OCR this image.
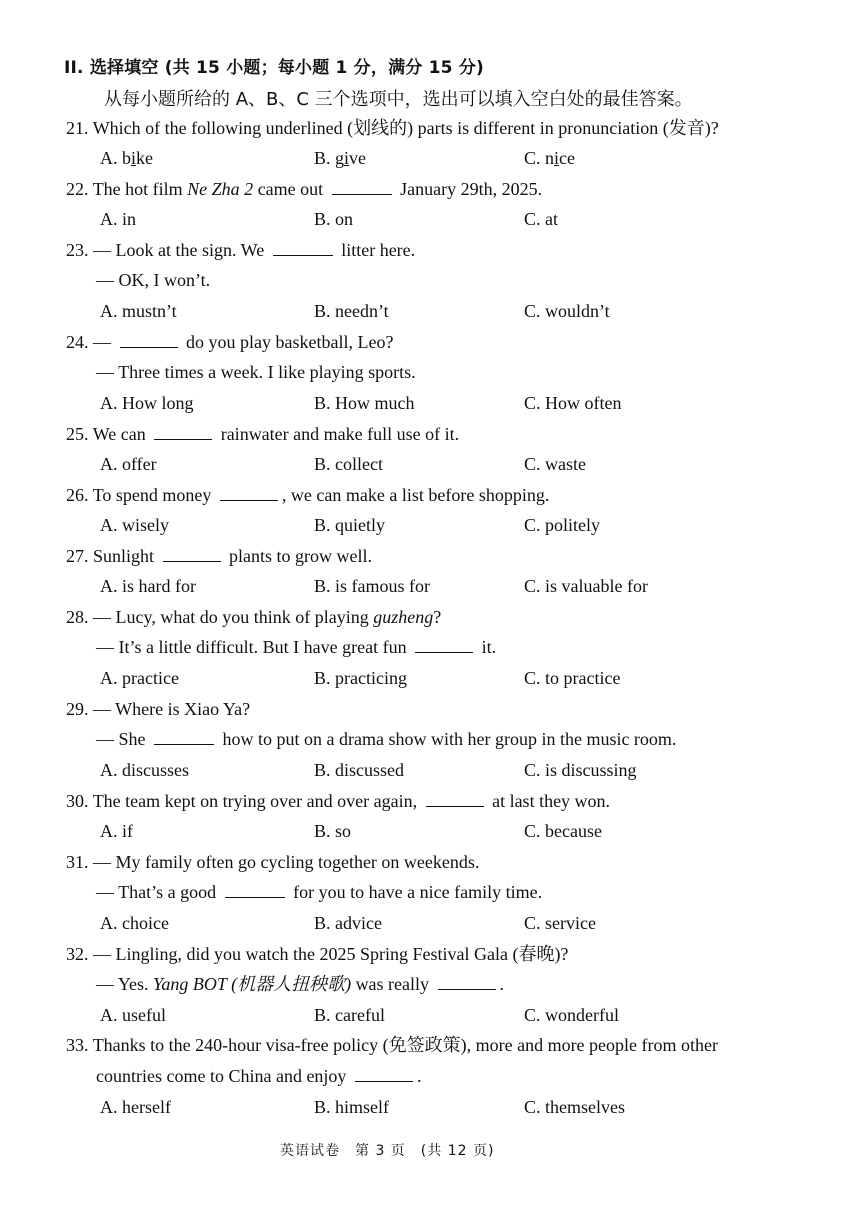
II. 选择填空 (共 15 小题；每小题 1 分，满分 15 分)
从每小题所给的 A、B、C 三个选项中，选出可以填入空白处的最佳答案。
21. Which of the following underlined (划线的) parts is different in pronunciation (发音)?
A. bike	B. give	C. nice
22. The hot film Ne Zha 2 came out	January 29th, 2025.
A. in	B. on	C. at
23. — Look at the sign. We	litter here.
— OK, I won’t.
A. mustn’t	B. needn’t	C. wouldn’t
24. —	do you play basketball, Leo?
— Three times a week. I like playing sports.
A. How long	B. How much	C. How often
25. We can	rainwater and make full use of it.
A. offer	B. collect	C. waste
26. To spend money	, we can make a list before shopping.
A. wisely	B. quietly	C. politely
27. Sunlight	plants to grow well.
A. is hard for	B. is famous for	C. is valuable for
28. — Lucy, what do you think of playing guzheng?
— It’s a little difficult. But I have great fun	it.
A. practice	B. practicing	C. to practice
29. — Where is Xiao Ya?
— She	how to put on a drama show with her group in the music room.
A. discusses	B. discussed	C. is discussing
30. The team kept on trying over and over again,	at last they won.
A. if	B. so	C. because
31. — My family often go cycling together on weekends.
— That’s a good	for you to have a nice family time.
A. choice	B. advice	C. service
32. — Lingling, did you watch the 2025 Spring Festival Gala (春晚)?
— Yes. Yang BOT (机器人扭秧歌) was really	.
A. useful	B. careful	C. wonderful
33. Thanks to the 240-hour visa-free policy (免签政策), more and more people from other
countries come to China and enjoy	.
A. herself	B. himself	C. themselves
英语试卷　第 3 页　(共 12 页)
